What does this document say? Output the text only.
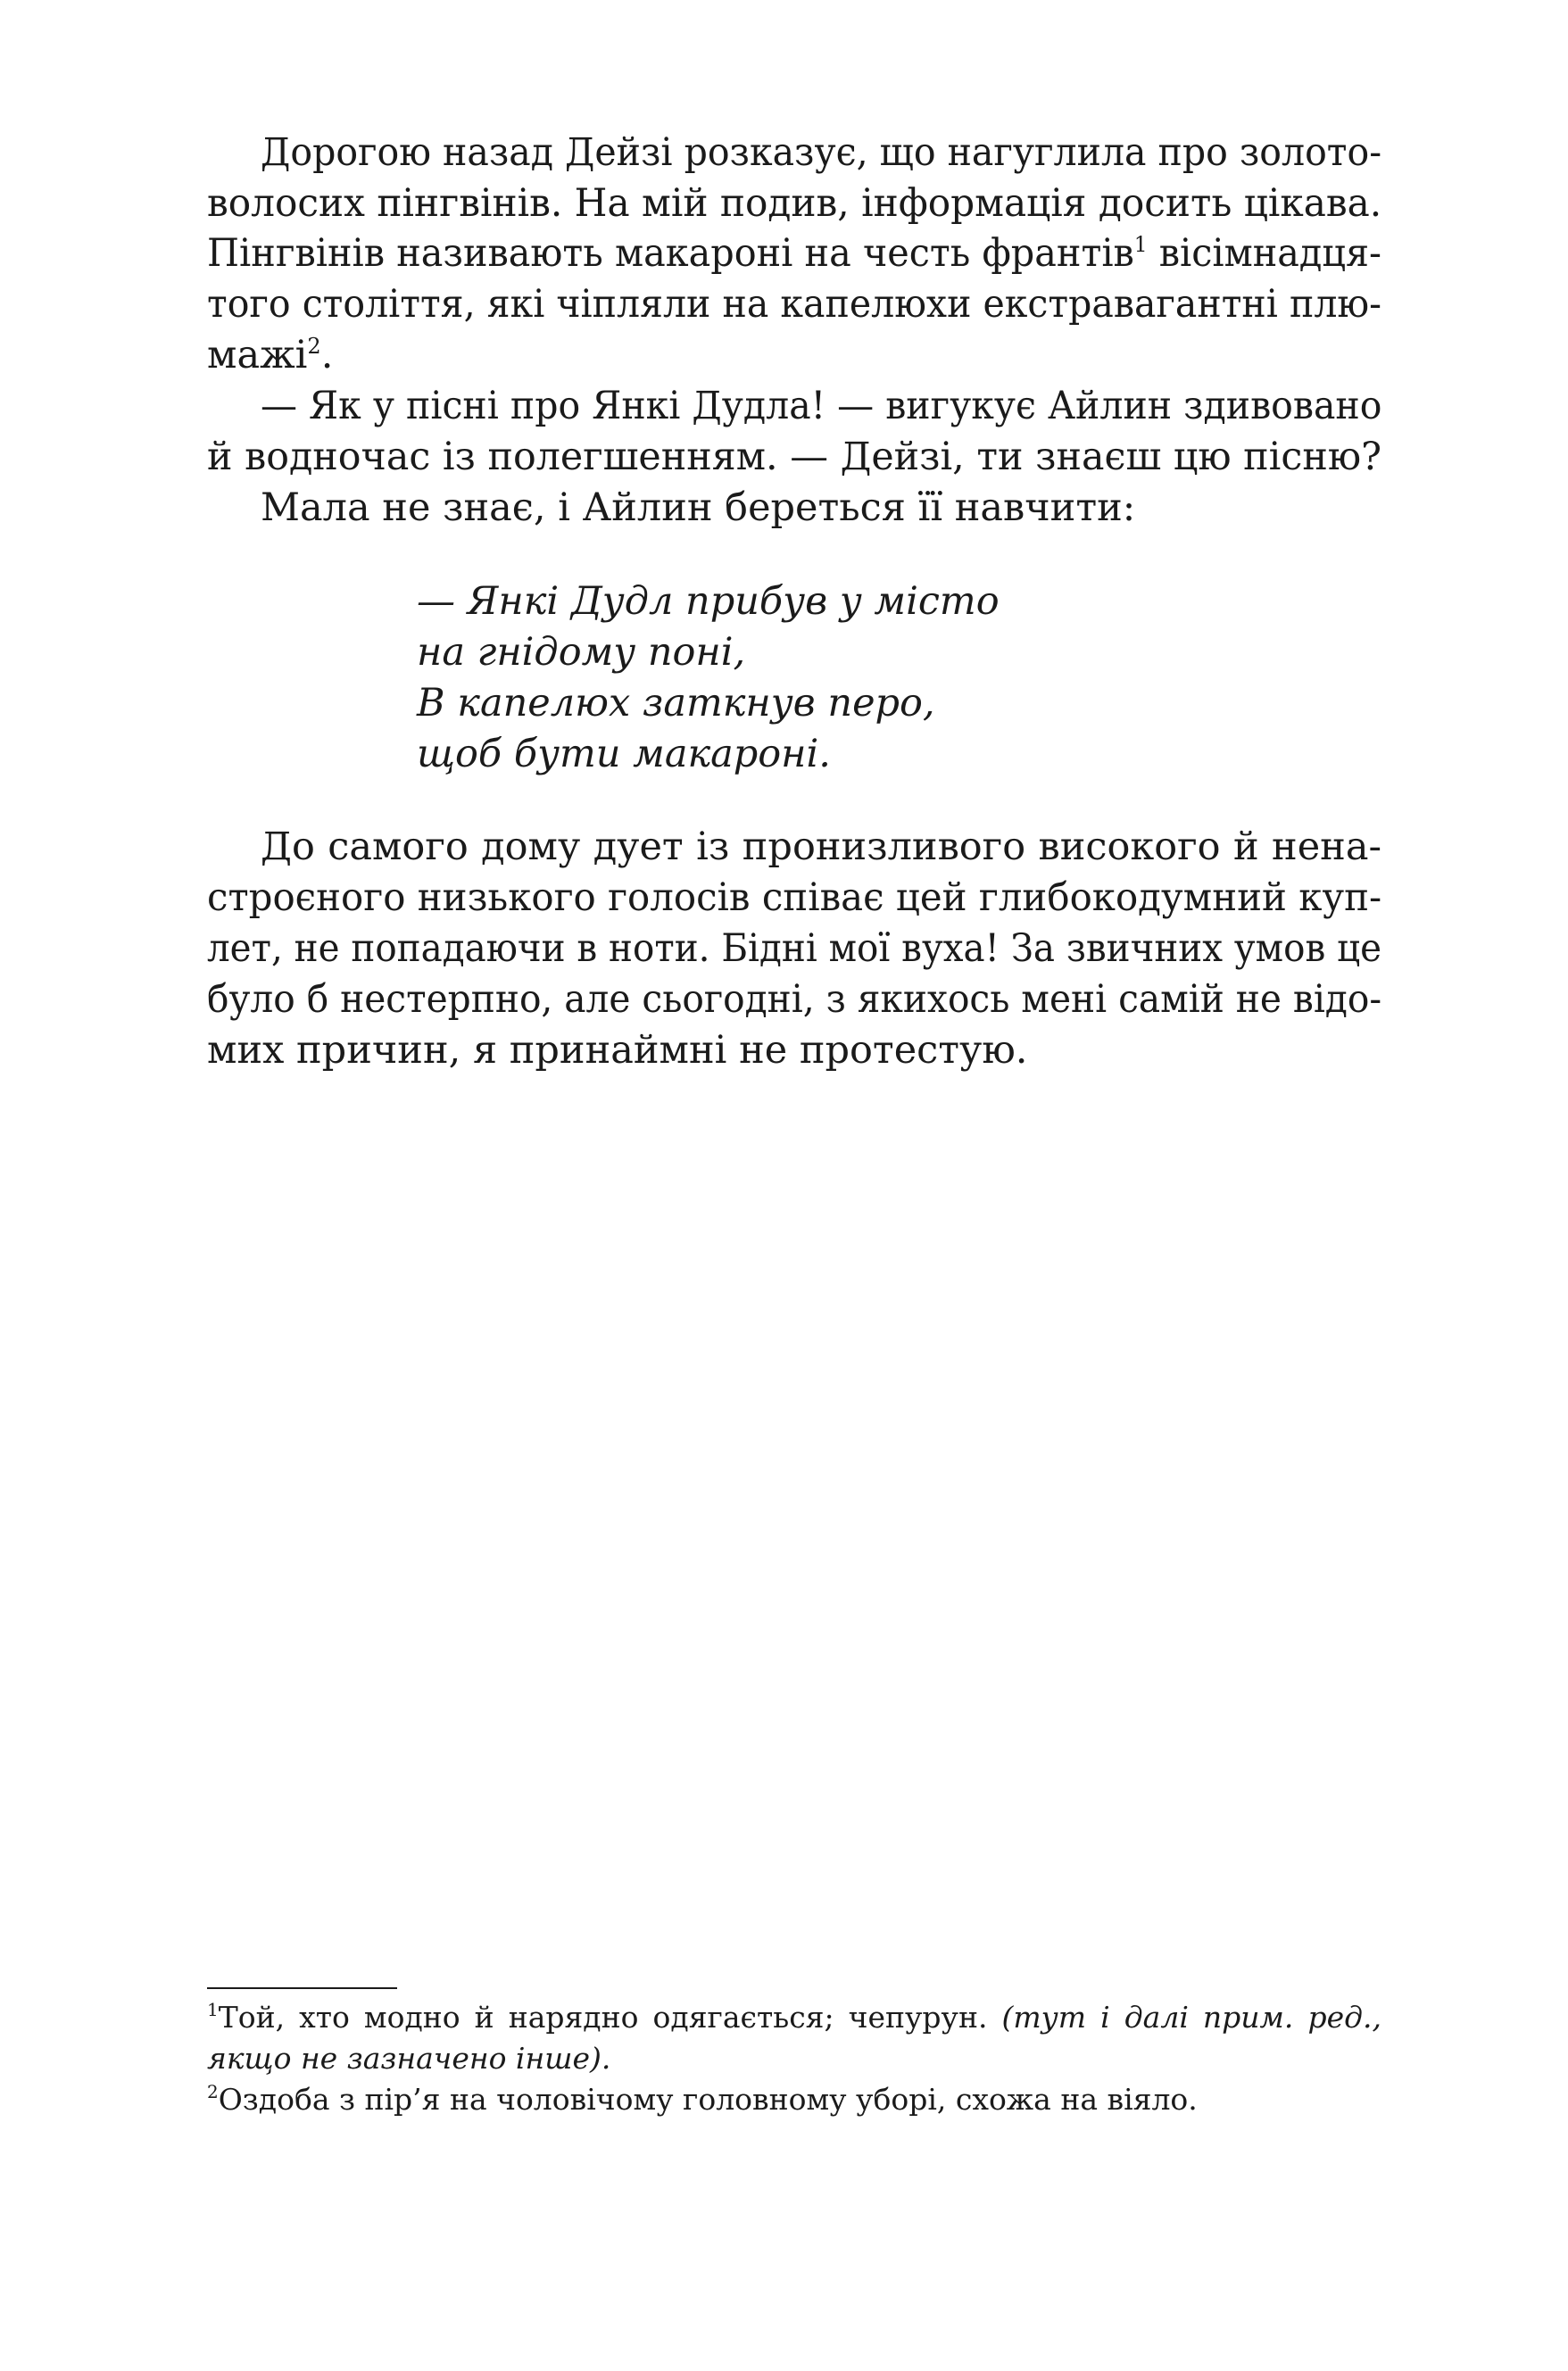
Дорогою назад Дейзі розказує, що нагуглила про золото-

волосих пінгвінів. На мій подив, інформація досить цікава.

Пінгвінів називають макароні на честь франтів$^1$ вісімнадця-

того століття, які чіпляли на капелюхи екстравагантні плю-

мажі$^2$.

— Як у пісні про Янкі Дудла! — вигукує Айлин здивовано

й водночас із полегшенням. — Дейзі, ти знаєш цю пісню?

Мала не знає, і Айлин береться її навчити:

— Янкі Дудл прибув у місто

на гнідому поні,

В капелюх заткнув перо,

щоб бути макароні.

До самого дому дует із пронизливого високого й нена-

строєного низького голосів співає цей глибокодумний куп-

лет, не попадаючи в ноти. Бідні мої вуха! За звичних умов це

було б нестерпно, але сьогодні, з якихось мені самій не відо-

мих причин, я принаймні не протестую.

$^1$Той, хто модно й нарядно одягається; чепурун. (тут і далі прим. ред.,

якщо не зазначено інше).

$^2$Оздоба з пір’я на чоловічому головному уборі, схожа на віяло.
